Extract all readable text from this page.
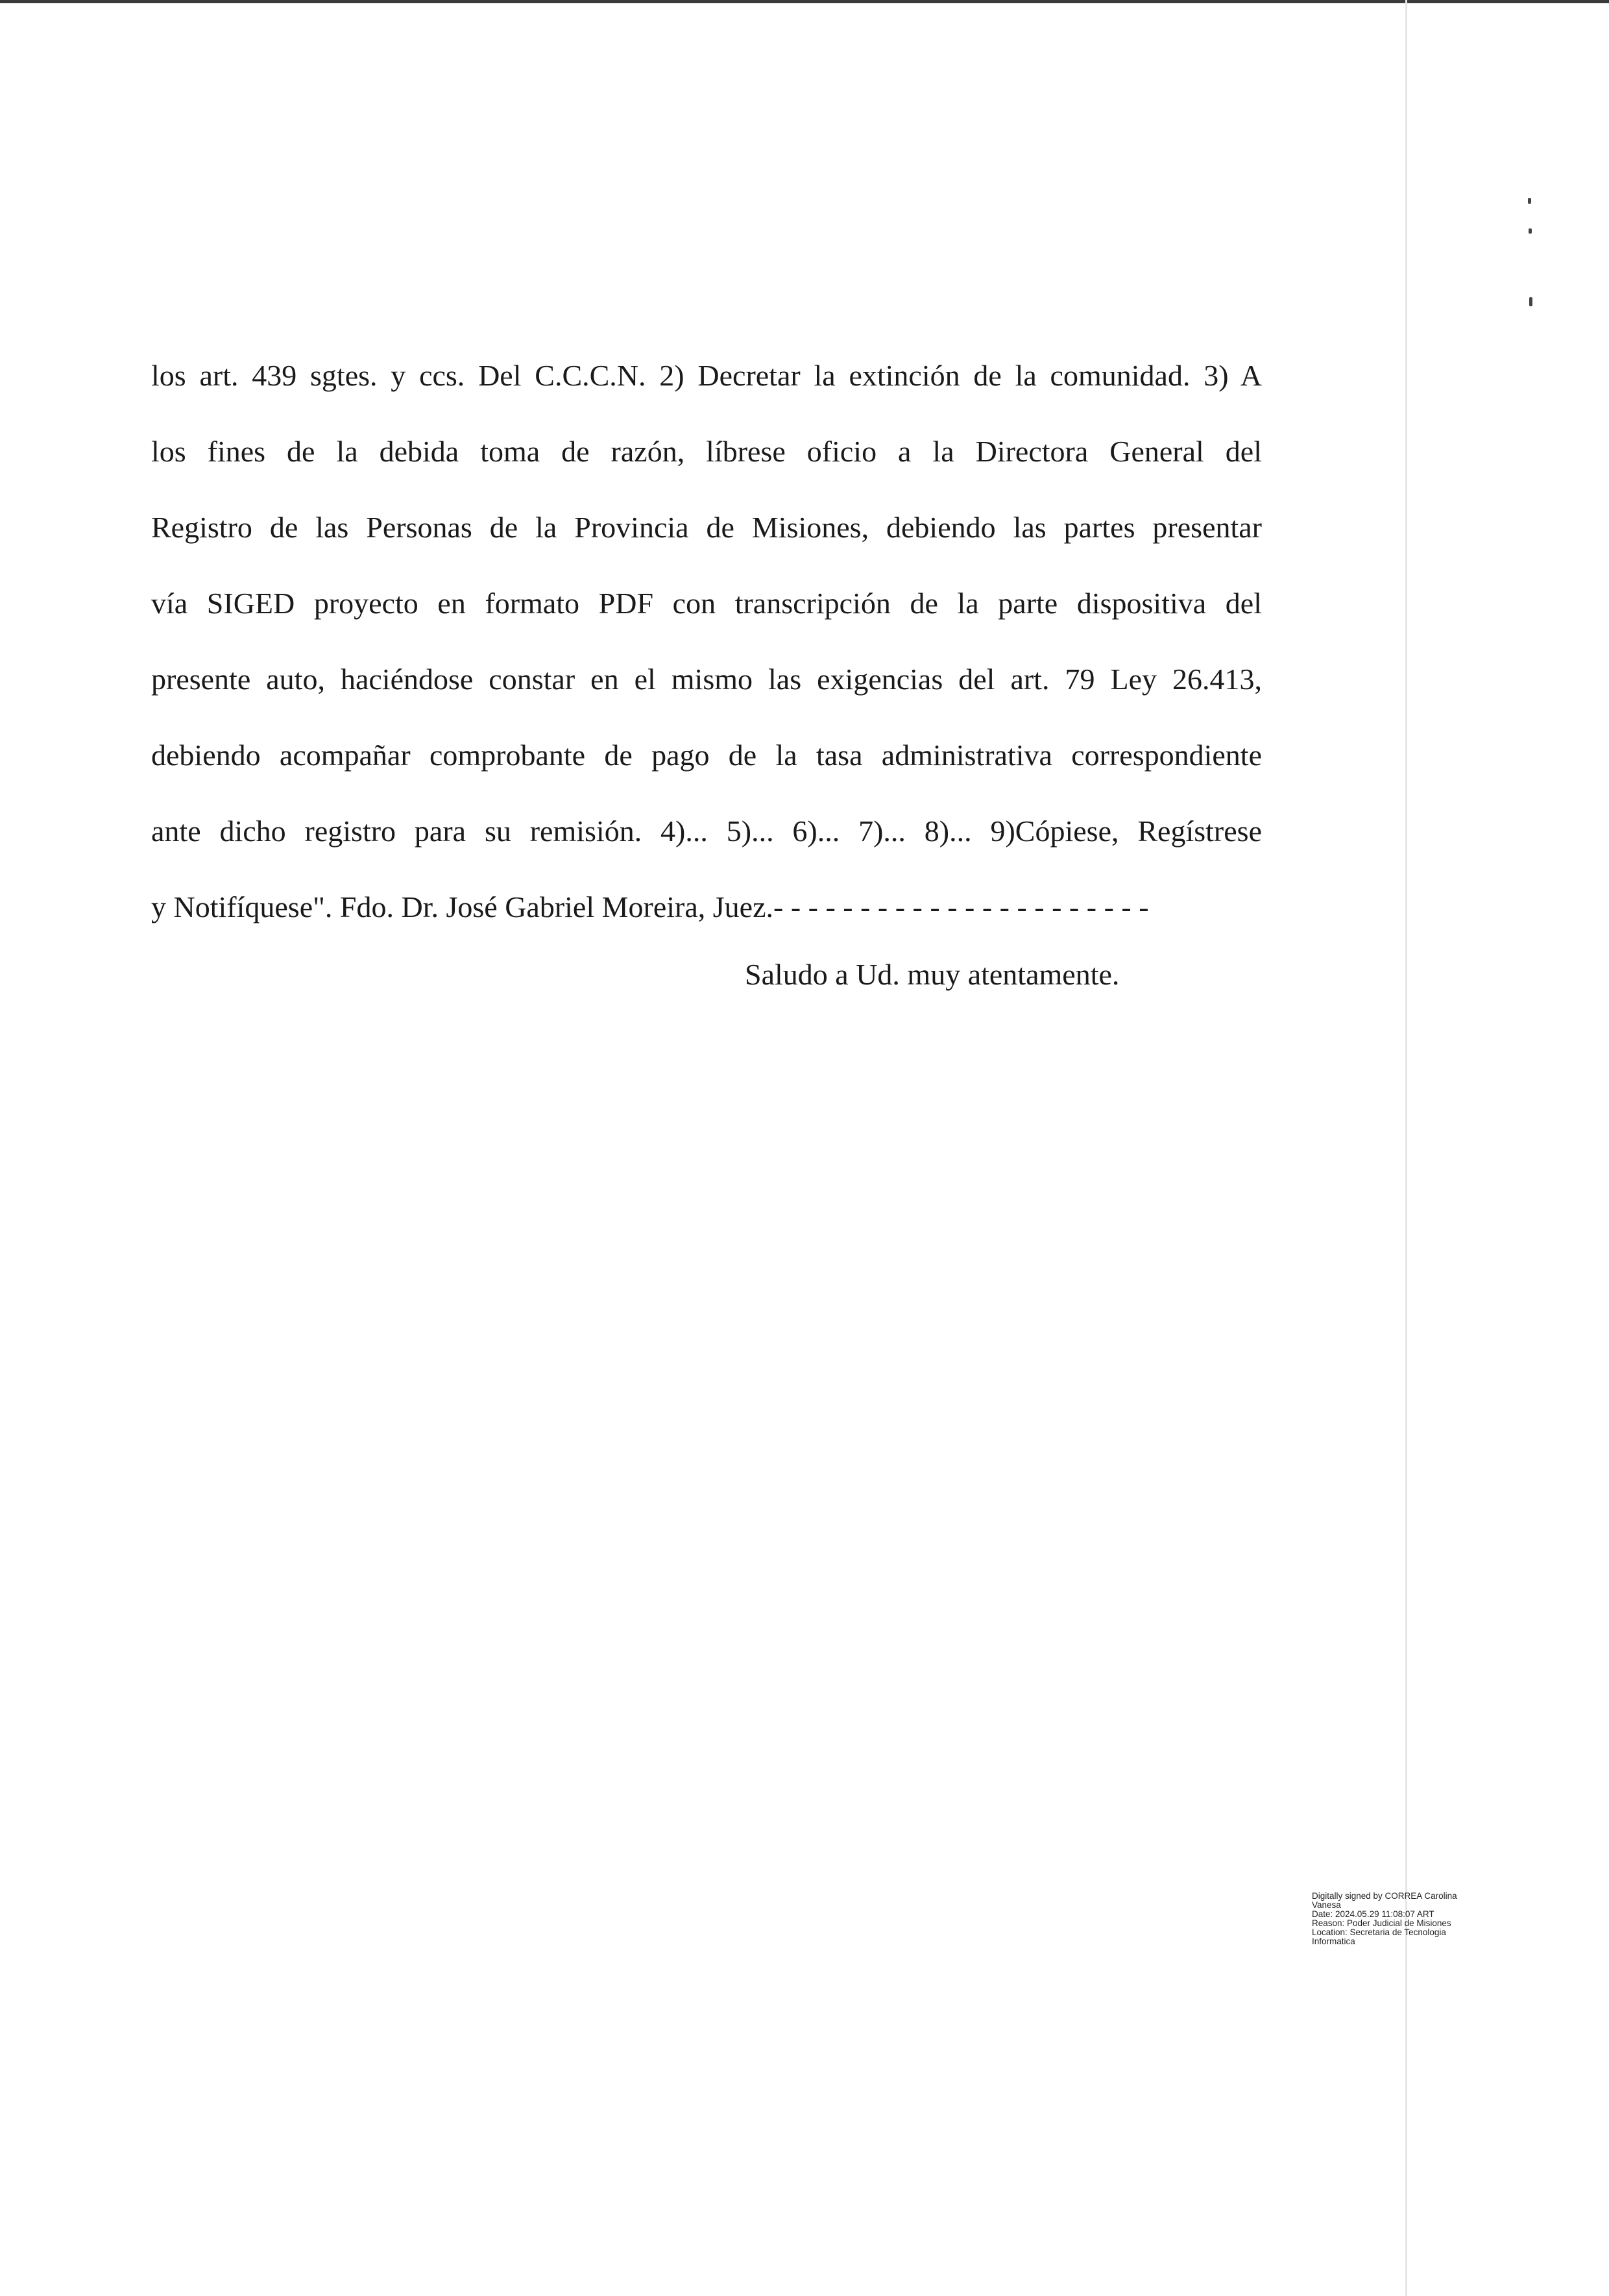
los art. 439 sgtes. y ccs. Del C.C.C.N. 2) Decretar la extinción de la comunidad. 3) A
los fines de la debida toma de razón, líbrese oficio a la Directora General del
Registro de las Personas de la Provincia de Misiones, debiendo las partes presentar
vía SIGED proyecto en formato PDF con transcripción de la parte dispositiva del
presente auto, haciéndose constar en el mismo las exigencias del art. 79 Ley 26.413,
debiendo acompañar comprobante de pago de la tasa administrativa correspondiente
ante dicho registro para su remisión. 4)... 5)... 6)... 7)... 8)... 9)Cópiese, Regístrese
y Notifíquese". Fdo. Dr. José Gabriel Moreira, Juez.- - - - - - - - - - - - - - - - - - - - - -
Saludo a Ud. muy atentamente.
Digitally signed by CORREA Carolina
Vanesa
Date: 2024.05.29 11:08:07 ART
Reason: Poder Judicial de Misiones
Location: Secretaria de Tecnologia
Informatica
